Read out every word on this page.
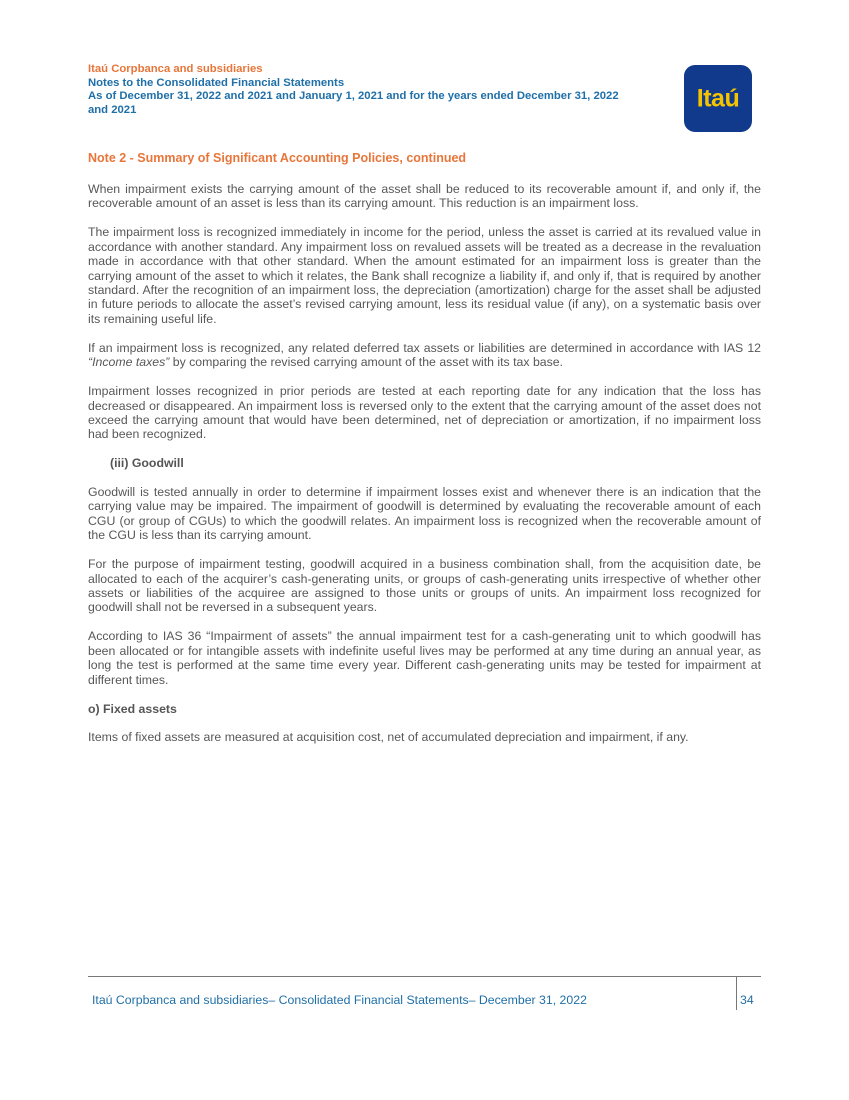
Itaú Corpbanca and subsidiaries
Notes to the Consolidated Financial Statements
As of December 31, 2022 and 2021 and January 1, 2021 and for the years ended December 31, 2022
and 2021	Itaú
Note 2 - Summary of Significant Accounting Policies, continued

When impairment exists the carrying amount of the asset shall be reduced to its recoverable amount if, and only if, the recoverable amount of an asset is less than its carrying amount. This reduction is an impairment loss.

The impairment loss is recognized immediately in income for the period, unless the asset is carried at its revalued value in accordance with another standard. Any impairment loss on revalued assets will be treated as a decrease in the revaluation made in accordance with that other standard. When the amount estimated for an impairment loss is greater than the carrying amount of the asset to which it relates, the Bank shall recognize a liability if, and only if, that is required by another standard. After the recognition of an impairment loss, the depreciation (amortization) charge for the asset shall be adjusted in future periods to allocate the asset’s revised carrying amount, less its residual value (if any), on a systematic basis over its remaining useful life.

If an impairment loss is recognized, any related deferred tax assets or liabilities are determined in accordance with IAS 12 “Income taxes” by comparing the revised carrying amount of the asset with its tax base.

Impairment losses recognized in prior periods are tested at each reporting date for any indication that the loss has decreased or disappeared. An impairment loss is reversed only to the extent that the carrying amount of the asset does not exceed the carrying amount that would have been determined, net of depreciation or amortization, if no impairment loss had been recognized.

(iii) Goodwill

Goodwill is tested annually in order to determine if impairment losses exist and whenever there is an indication that the carrying value may be impaired. The impairment of goodwill is determined by evaluating the recoverable amount of each CGU (or group of CGUs) to which the goodwill relates. An impairment loss is recognized when the recoverable amount of the CGU is less than its carrying amount.

For the purpose of impairment testing, goodwill acquired in a business combination shall, from the acquisition date, be allocated to each of the acquirer’s cash-generating units, or groups of cash-generating units irrespective of whether other assets or liabilities of the acquiree are assigned to those units or groups of units. An impairment loss recognized for goodwill shall not be reversed in a subsequent years.

According to IAS 36 “Impairment of assets” the annual impairment test for a cash-generating unit to which goodwill has been allocated or for intangible assets with indefinite useful lives may be performed at any time during an annual year, as long the test is performed at the same time every year. Different cash-generating units may be tested for impairment at different times.

o) Fixed assets

Items of fixed assets are measured at acquisition cost, net of accumulated depreciation and impairment, if any.

Itaú Corpbanca and subsidiaries– Consolidated Financial Statements– December 31, 2022	34
